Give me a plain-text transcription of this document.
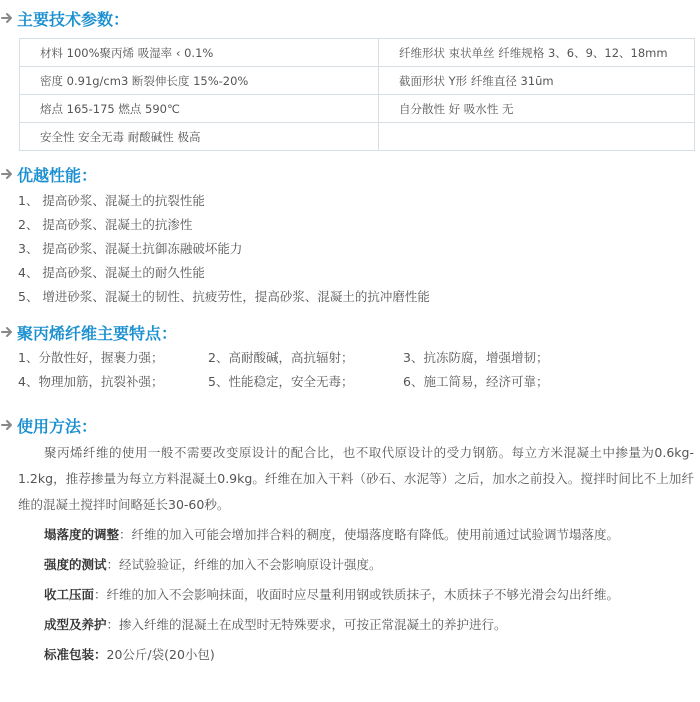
主要技术参数：
材料 100%聚丙烯 吸湿率 ‹ 0.1%	纤维形状 束状单丝 纤维规格 3、6、9、12、18mm
密度 0.91g/cm3 断裂伸长度 15%-20%	截面形状 Y形 纤维直径 31ūm
熔点 165-175 燃点 590℃	自分散性 好 吸水性 无
安全性 安全无毒 耐酸碱性 极高	
优越性能：
1、 提高砂浆、混凝土的抗裂性能
2、 提高砂浆、混凝土的抗渗性
3、 提高砂浆、混凝土抗御冻融破坏能力
4、 提高砂浆、混凝土的耐久性能
5、 增进砂浆、混凝土的韧性、抗疲劳性，提高砂浆、混凝土的抗冲磨性能
聚丙烯纤维主要特点：
1、分散性好，握裹力强；	2、高耐酸碱，高抗辐射；	3、抗冻防腐，增强增韧；
4、物理加筋，抗裂补强；	5、性能稳定，安全无毒；	6、施工简易，经济可靠；
使用方法：

聚丙烯纤维的使用一般不需要改变原设计的配合比，也不取代原设计的受力钢筋。每立方米混凝土中掺量为0.6kg-1.2kg，推荐掺量为每立方料混凝土0.9kg。纤维在加入干料（砂石、水泥等）之后，加水之前投入。搅拌时间比不上加纤维的混凝土搅拌时间略延长30-60秒。

塌落度的调整：纤维的加入可能会增加拌合料的稠度，使塌落度略有降低。使用前通过试验调节塌落度。

强度的测试：经试验验证，纤维的加入不会影响原设计强度。

收工压面：纤维的加入不会影响抹面，收面时应尽量利用钢或铁质抹子，木质抹子不够光滑会勾出纤维。

成型及养护：掺入纤维的混凝土在成型时无特殊要求，可按正常混凝土的养护进行。

标准包装：20公斤/袋(20小包)
